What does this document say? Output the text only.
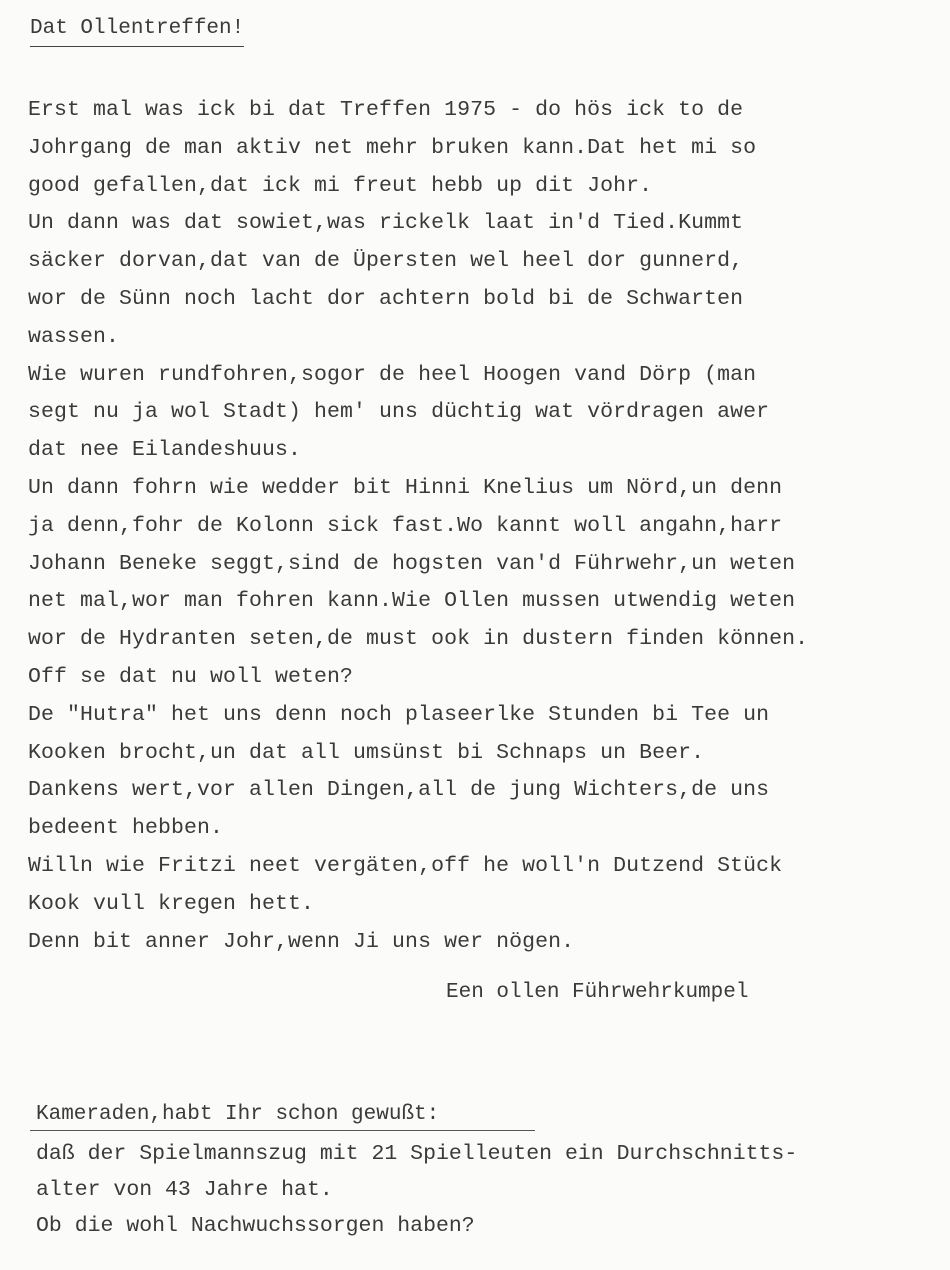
Dat Ollentreffen!
Erst mal was ick bi dat Treffen 1975 - do hös ick to de
Johrgang de man aktiv net mehr bruken kann.Dat het mi so
good gefallen,dat ick mi freut hebb up dit Johr.
Un dann was dat sowiet,was rickelk laat in'd Tied.Kummt
säcker dorvan,dat van de Üpersten wel heel dor gunnerd,
wor de Sünn noch lacht dor achtern bold bi de Schwarten
wassen.
Wie wuren rundfohren,sogor de heel Hoogen vand Dörp (man
segt nu ja wol Stadt) hem' uns düchtig wat vördragen awer
dat nee Eilandeshuus.
Un dann fohrn wie wedder bit Hinni Knelius um Nörd,un denn
ja denn,fohr de Kolonn sick fast.Wo kannt woll angahn,harr
Johann Beneke seggt,sind de hogsten van'd Führwehr,un weten
net mal,wor man fohren kann.Wie Ollen mussen utwendig weten
wor de Hydranten seten,de must ook in dustern finden können.
Off se dat nu woll weten?
De "Hutra" het uns denn noch plaseerlke Stunden bi Tee un
Kooken brocht,un dat all umsünst bi Schnaps un Beer.
Dankens wert,vor allen Dingen,all de jung Wichters,de uns
bedeent hebben.
Willn wie Fritzi neet vergäten,off he woll'n Dutzend Stück
Kook vull kregen hett.
Denn bit anner Johr,wenn Ji uns wer nögen.
Een ollen Führwehrkumpel
Kameraden,habt Ihr schon gewußt:
daß der Spielmannszug mit 21 Spielleuten ein Durchschnitts-
alter von 43 Jahre hat.
Ob die wohl Nachwuchssorgen haben?
